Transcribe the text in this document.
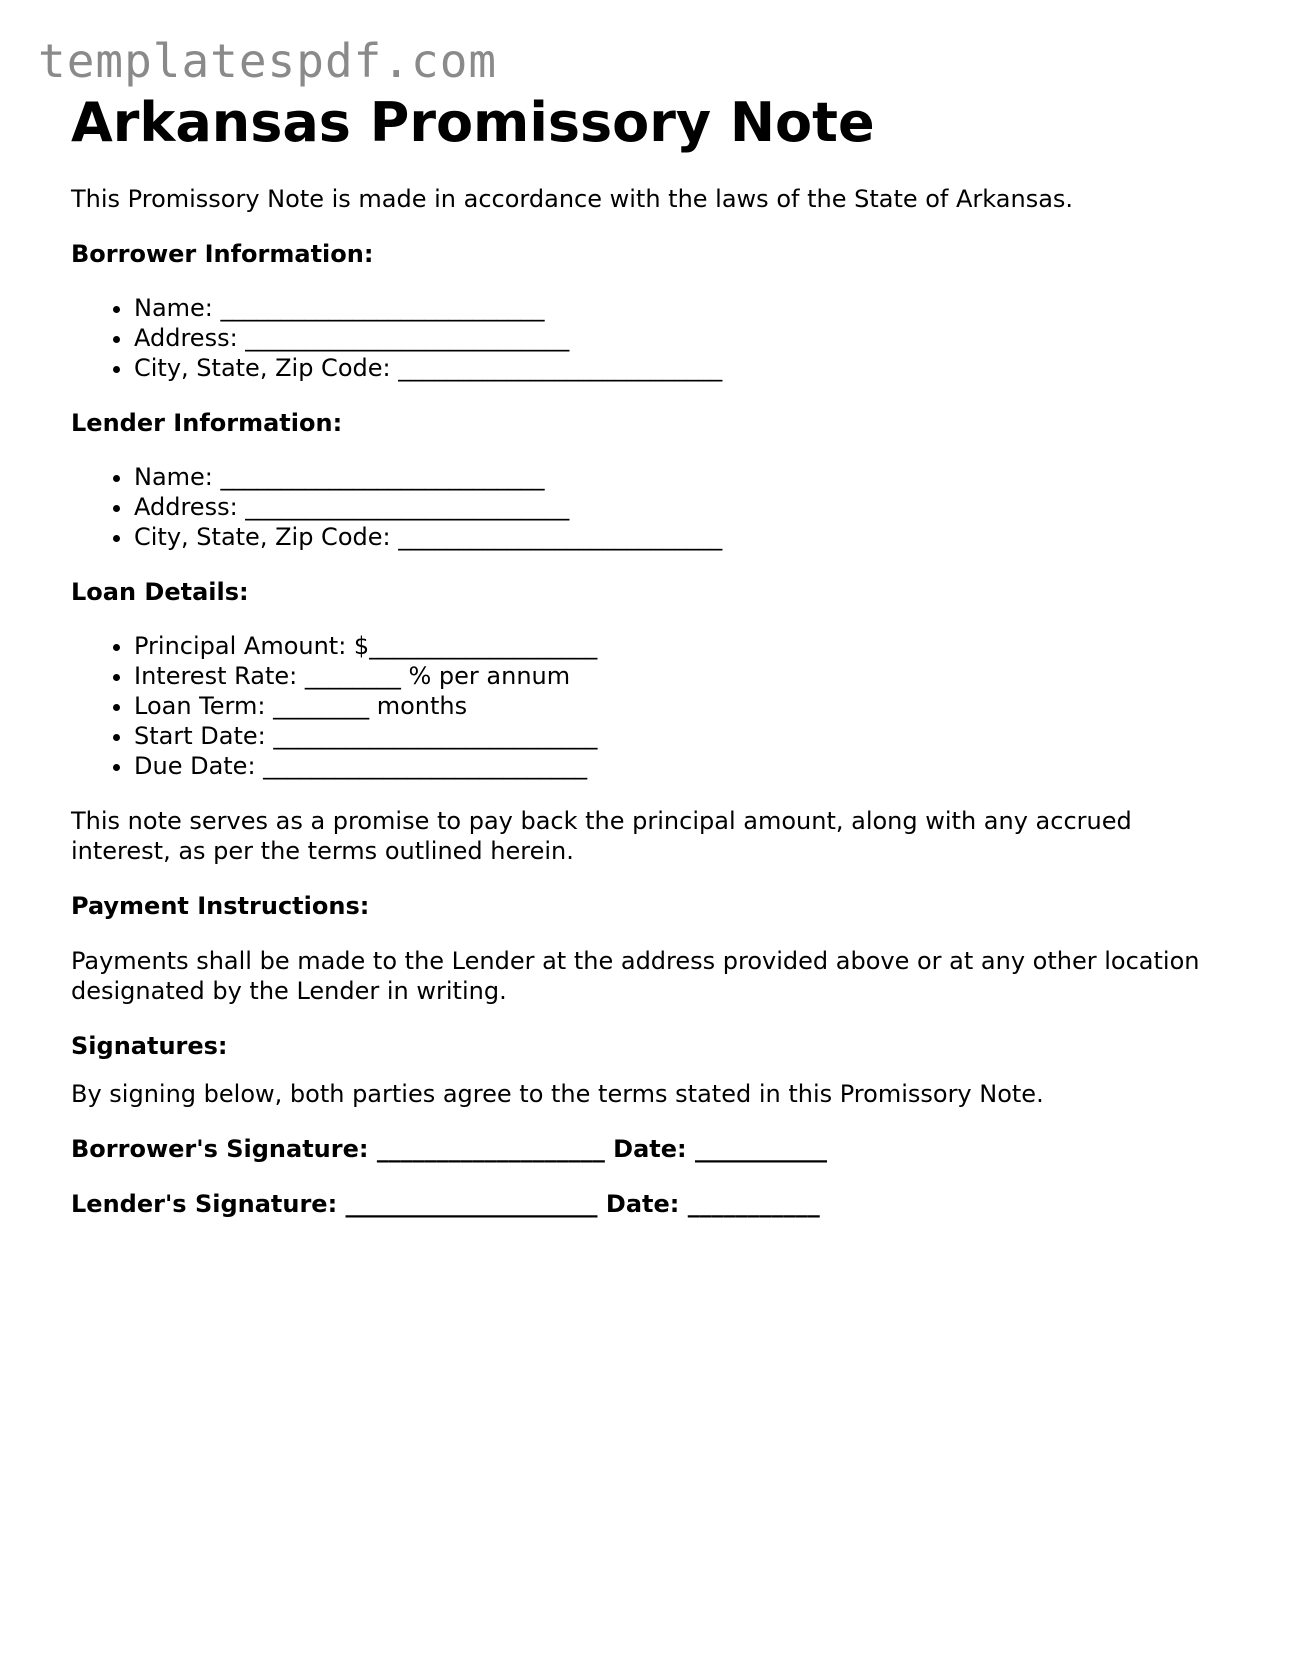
templatespdf.com
Arkansas Promissory Note

This Promissory Note is made in accordance with the laws of the State of Arkansas.

Borrower Information:

• Name: ___________________________
• Address: ___________________________
• City, State, Zip Code: ___________________________

Lender Information:

• Name: ___________________________
• Address: ___________________________
• City, State, Zip Code: ___________________________

Loan Details:

• Principal Amount: $___________________
• Interest Rate: ________ % per annum
• Loan Term: ________ months
• Start Date: ___________________________
• Due Date: ___________________________

This note serves as a promise to pay back the principal amount, along with any accrued interest, as per the terms outlined herein.

Payment Instructions:

Payments shall be made to the Lender at the address provided above or at any other location designated by the Lender in writing.

Signatures:

By signing below, both parties agree to the terms stated in this Promissory Note.

Borrower's Signature: ___________________ Date: ___________

Lender's Signature: _____________________ Date: ___________
